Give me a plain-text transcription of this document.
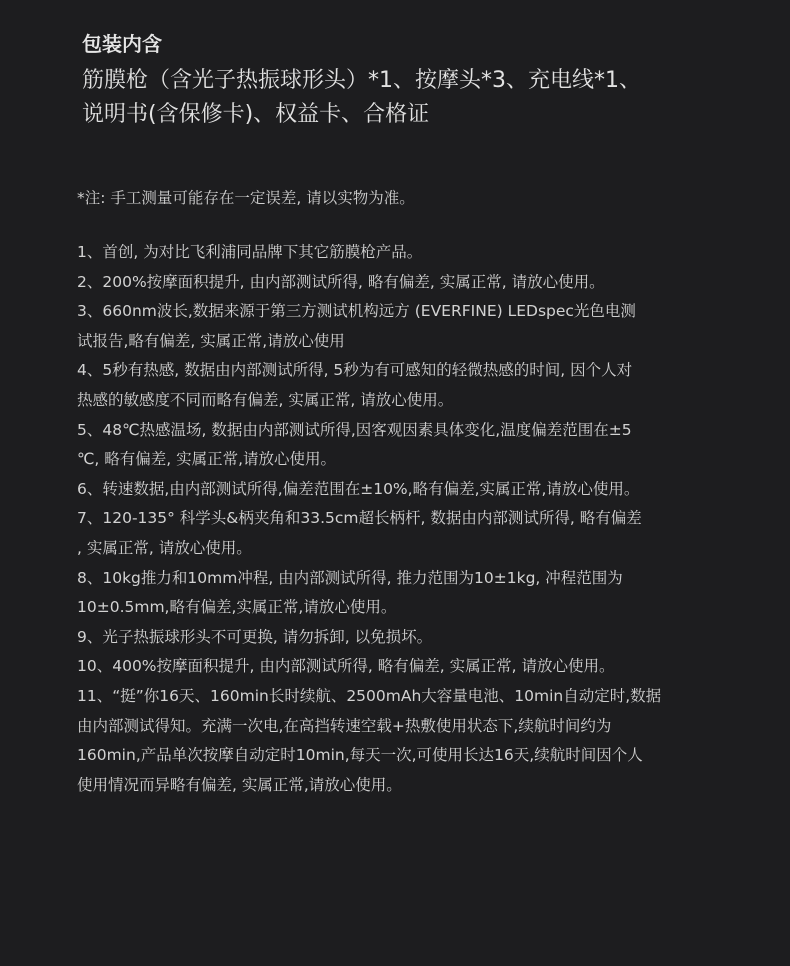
包装内含
筋膜枪（含光子热振球形头）*1、按摩头*3、充电线*1、
说明书(含保修卡)、权益卡、合格证
*注: 手工测量可能存在一定误差, 请以实物为准。
1、首创, 为对比飞利浦同品牌下其它筋膜枪产品。
2、200%按摩面积提升, 由内部测试所得, 略有偏差, 实属正常, 请放心使用。
3、660nm波长,数据来源于第三方测试机构远方 (EVERFINE) LEDspec光色电测
试报告,略有偏差, 实属正常,请放心使用
4、5秒有热感, 数据由内部测试所得, 5秒为有可感知的轻微热感的时间, 因个人对
热感的敏感度不同而略有偏差, 实属正常, 请放心使用。
5、48℃热感温场, 数据由内部测试所得,因客观因素具体变化,温度偏差范围在±5
℃, 略有偏差, 实属正常,请放心使用。
6、转速数据,由内部测试所得,偏差范围在±10%,略有偏差,实属正常,请放心使用。
7、120-135° 科学头&柄夹角和33.5cm超长柄杆, 数据由内部测试所得, 略有偏差
, 实属正常, 请放心使用。
8、10kg推力和10mm冲程, 由内部测试所得, 推力范围为10±1kg, 冲程范围为
10±0.5mm,略有偏差,实属正常,请放心使用。
9、光子热振球形头不可更换, 请勿拆卸, 以免损坏。
10、400%按摩面积提升, 由内部测试所得, 略有偏差, 实属正常, 请放心使用。
11、“挺”你16天、160min长时续航、2500mAh大容量电池、10min自动定时,数据
由内部测试得知。充满一次电,在高挡转速空载+热敷使用状态下,续航时间约为
160min,产品单次按摩自动定时10min,每天一次,可使用长达16天,续航时间因个人
使用情况而异略有偏差, 实属正常,请放心使用。
